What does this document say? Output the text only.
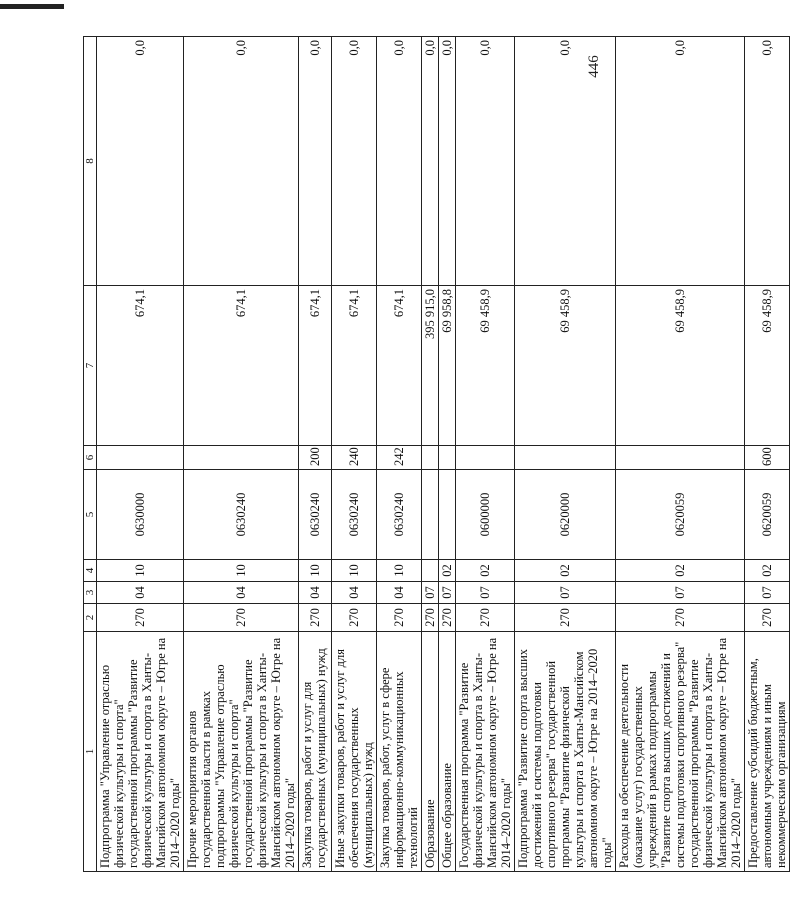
446
1	2	3	4	5	6	7	8
Подпрограмма "Управление отраслью физической культуры и спорта" государственной программы "Развитие физической культуры и спорта в Ханты-Мансийском автономном округе – Югре на 2014–2020 годы"	270	04	10	0630000		674,1	0,0
Прочие мероприятия органов государственной власти в рамках подпрограммы "Управление отраслью физической культуры и спорта" государственной программы "Развитие физической культуры и спорта в Ханты-Мансийском автономном округе – Югре на 2014–2020 годы"	270	04	10	0630240		674,1	0,0
Закупка товаров, работ и услуг для государственных (муниципальных) нужд	270	04	10	0630240	200	674,1	0,0
Иные закупки товаров, работ и услуг для обеспечения государственных (муниципальных) нужд	270	04	10	0630240	240	674,1	0,0
Закупка товаров, работ, услуг в сфере информационно-коммуникационных технологий	270	04	10	0630240	242	674,1	0,0
Образование	270	07				395 915,0	0,0
Общее образование	270	07	02			69 958,8	0,0
Государственная программа "Развитие физической культуры и спорта в Ханты-Мансийском автономном округе – Югре на 2014–2020 годы"	270	07	02	0600000		69 458,9	0,0
Подпрограмма "Развитие спорта высших достижений и системы подготовки спортивного резерва" государственной программы "Развитие физической культуры и спорта в Ханты-Мансийском автономном округе – Югре на 2014–2020 годы"	270	07	02	0620000		69 458,9	0,0
Расходы на обеспечение деятельности (оказание услуг) государственных учреждений в рамках подпрограммы "Развитие спорта высших достижений и системы подготовки спортивного резерва" государственной программы "Развитие физической культуры и спорта в Ханты-Мансийском автономном округе – Югре на 2014–2020 годы"	270	07	02	0620059		69 458,9	0,0
Предоставление субсидий бюджетным, автономным учреждениям и иным некоммерческим организациям	270	07	02	0620059	600	69 458,9	0,0
